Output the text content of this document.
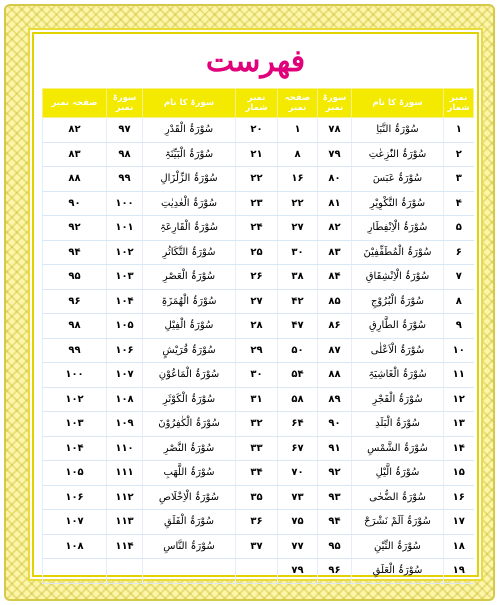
فهرست
نمبر شمار	سورۃ کا نام	سورۃ نمبر	صفحہ نمبر	نمبر شمار	سورۃ کا نام	سورۃ نمبر	صفحہ نمبر
۱	سُوْرَۃُ النَّبَاِ	۷۸	۱	۲۰	سُوْرَۃُ الْقَدْرِ	۹۷	۸۲
۲	سُوْرَۃُ النّٰزِعٰتِ	۷۹	۸	۲۱	سُوْرَۃُ الْبَیِّنَۃِ	۹۸	۸۳
۳	سُوْرَۃُ عَبَسَ	۸۰	۱۶	۲۲	سُوْرَۃُ الزِّلْزَالِ	۹۹	۸۸
۴	سُوْرَۃُ التَّکْوِیْرِ	۸۱	۲۲	۲۳	سُوْرَۃُ الْعٰدِیٰتِ	۱۰۰	۹۰
۵	سُوْرَۃُ الْاِنْفِطَارِ	۸۲	۲۷	۲۴	سُوْرَۃُ الْقَارِعَۃِ	۱۰۱	۹۲
۶	سُوْرَۃُ الْمُطَفِّفِیْنَ	۸۳	۳۰	۲۵	سُوْرَۃُ التَّکَاثُرِ	۱۰۲	۹۴
۷	سُوْرَۃُ الْاِنْشِقَاقِ	۸۴	۳۸	۲۶	سُوْرَۃُ الْعَصْرِ	۱۰۳	۹۵
۸	سُوْرَۃُ الْبُرُوْجِ	۸۵	۴۲	۲۷	سُوْرَۃُ الْهُمَزَۃِ	۱۰۴	۹۶
۹	سُوْرَۃُ الطَّارِقِ	۸۶	۴۷	۲۸	سُوْرَۃُ الْفِیْلِ	۱۰۵	۹۸
۱۰	سُوْرَۃُ الْاَعْلٰی	۸۷	۵۰	۲۹	سُوْرَۃُ قُرَیْشٍ	۱۰۶	۹۹
۱۱	سُوْرَۃُ الْغَاشِیَۃِ	۸۸	۵۴	۳۰	سُوْرَۃُ الْمَاعُوْنِ	۱۰۷	۱۰۰
۱۲	سُوْرَۃُ الْفَجْرِ	۸۹	۵۸	۳۱	سُوْرَۃُ الْکَوْثَرِ	۱۰۸	۱۰۲
۱۳	سُوْرَۃُ الْبَلَدِ	۹۰	۶۴	۳۲	سُوْرَۃُ الْکٰفِرُوْنَ	۱۰۹	۱۰۳
۱۴	سُوْرَۃُ الشَّمْسِ	۹۱	۶۷	۳۳	سُوْرَۃُ النَّصْرِ	۱۱۰	۱۰۴
۱۵	سُوْرَۃُ الَّیْلِ	۹۲	۷۰	۳۴	سُوْرَۃُ اللَّهَبِ	۱۱۱	۱۰۵
۱۶	سُوْرَۃُ الضُّحٰی	۹۳	۷۳	۳۵	سُوْرَۃُ الْاِخْلَاصِ	۱۱۲	۱۰۶
۱۷	سُوْرَۃُ اَلَمْ نَشْرَحْ	۹۴	۷۵	۳۶	سُوْرَۃُ الْفَلَقِ	۱۱۳	۱۰۷
۱۸	سُوْرَۃُ التِّیْنِ	۹۵	۷۷	۳۷	سُوْرَۃُ النَّاسِ	۱۱۴	۱۰۸
۱۹	سُوْرَۃُ الْعَلَقِ	۹۶	۷۹				
